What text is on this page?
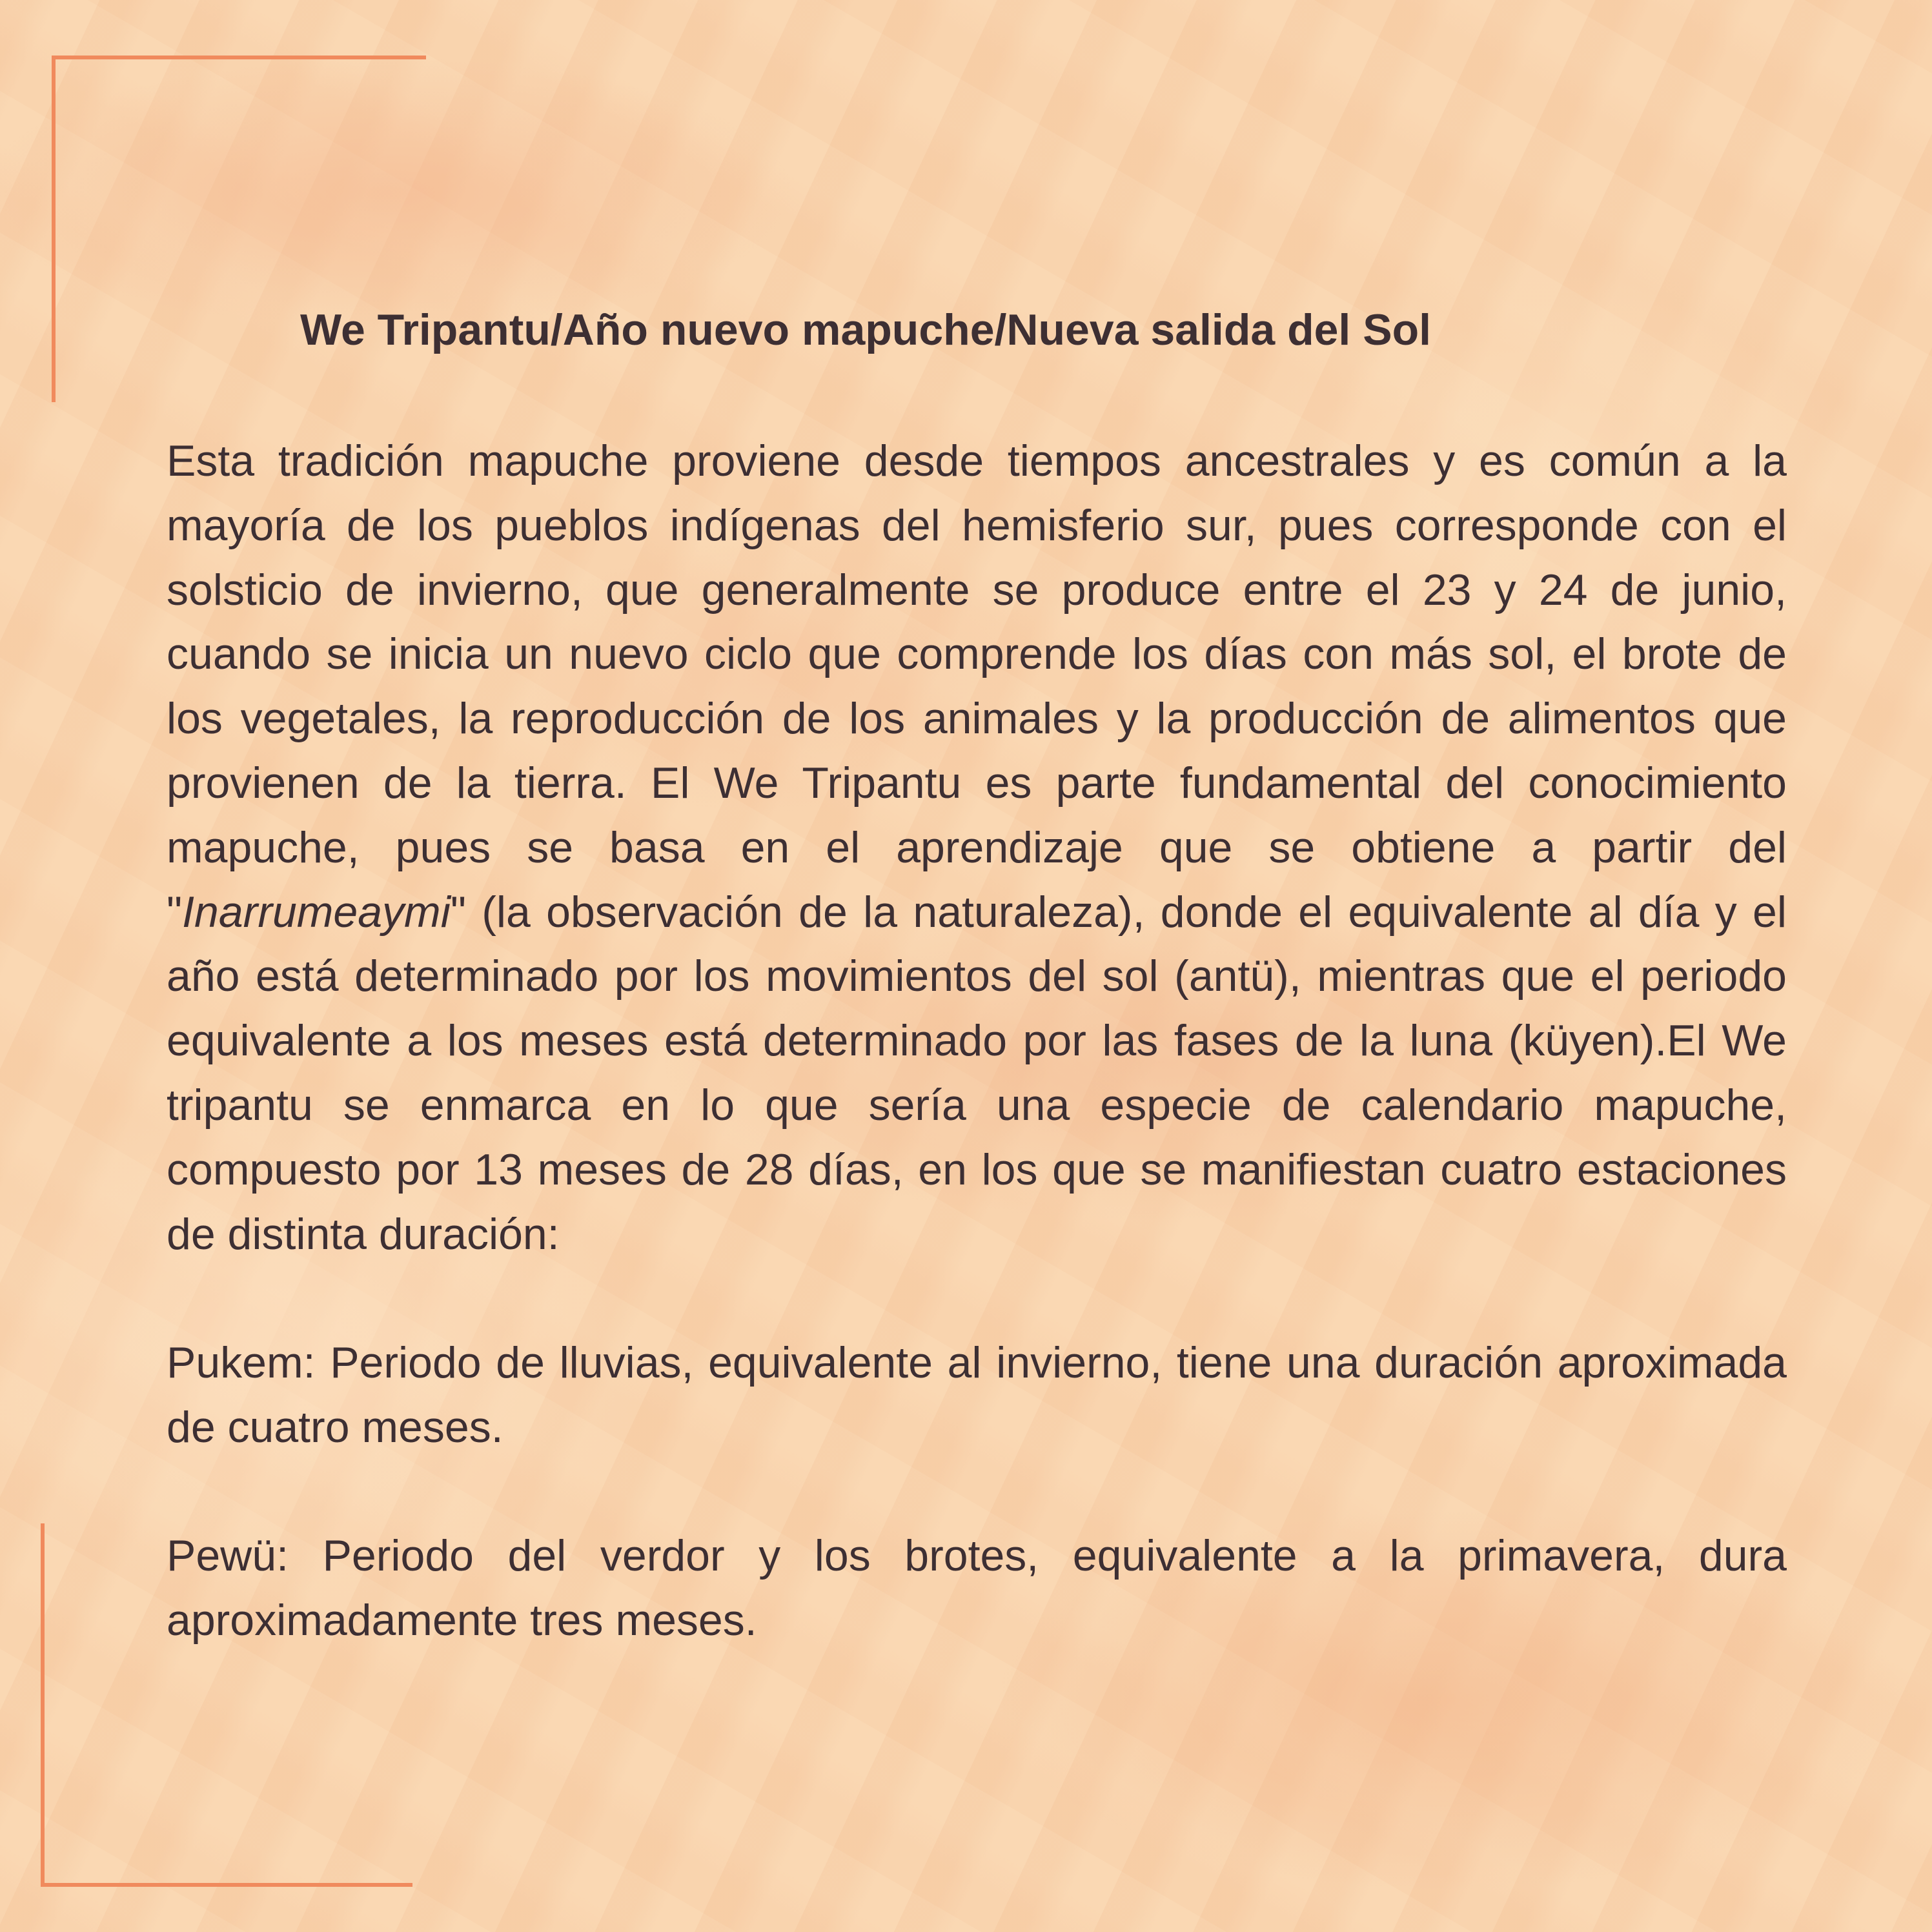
We Tripantu/Año nuevo mapuche/Nueva salida del Sol

Esta tradición mapuche proviene desde tiempos ancestrales y es común a la mayoría de los pueblos indígenas del hemisferio sur, pues corresponde con el solsticio de invierno, que generalmente se produce entre el 23 y 24 de junio, cuando se inicia un nuevo ciclo que comprende los días con más sol, el brote de los vegetales, la reproducción de los animales y la producción de alimentos que provienen de la tierra. El We Tripantu es parte fundamental del conocimiento mapuche, pues se basa en el aprendizaje que se obtiene a partir del "Inarrumeaymi" (la observación de la naturaleza), donde el equivalente al día y el año está determinado por los movimientos del sol (antü), mientras que el periodo equivalente a los meses está determinado por las fases de la luna (küyen).El We tripantu se enmarca en lo que sería una especie de calendario mapuche, compuesto por 13 meses de 28 días, en los que se manifiestan cuatro estaciones de distinta duración:

Pukem: Periodo de lluvias, equivalente al invierno, tiene una duración aproximada de cuatro meses.

Pewü: Periodo del verdor y los brotes, equivalente a la primavera, dura aproximadamente tres meses.
